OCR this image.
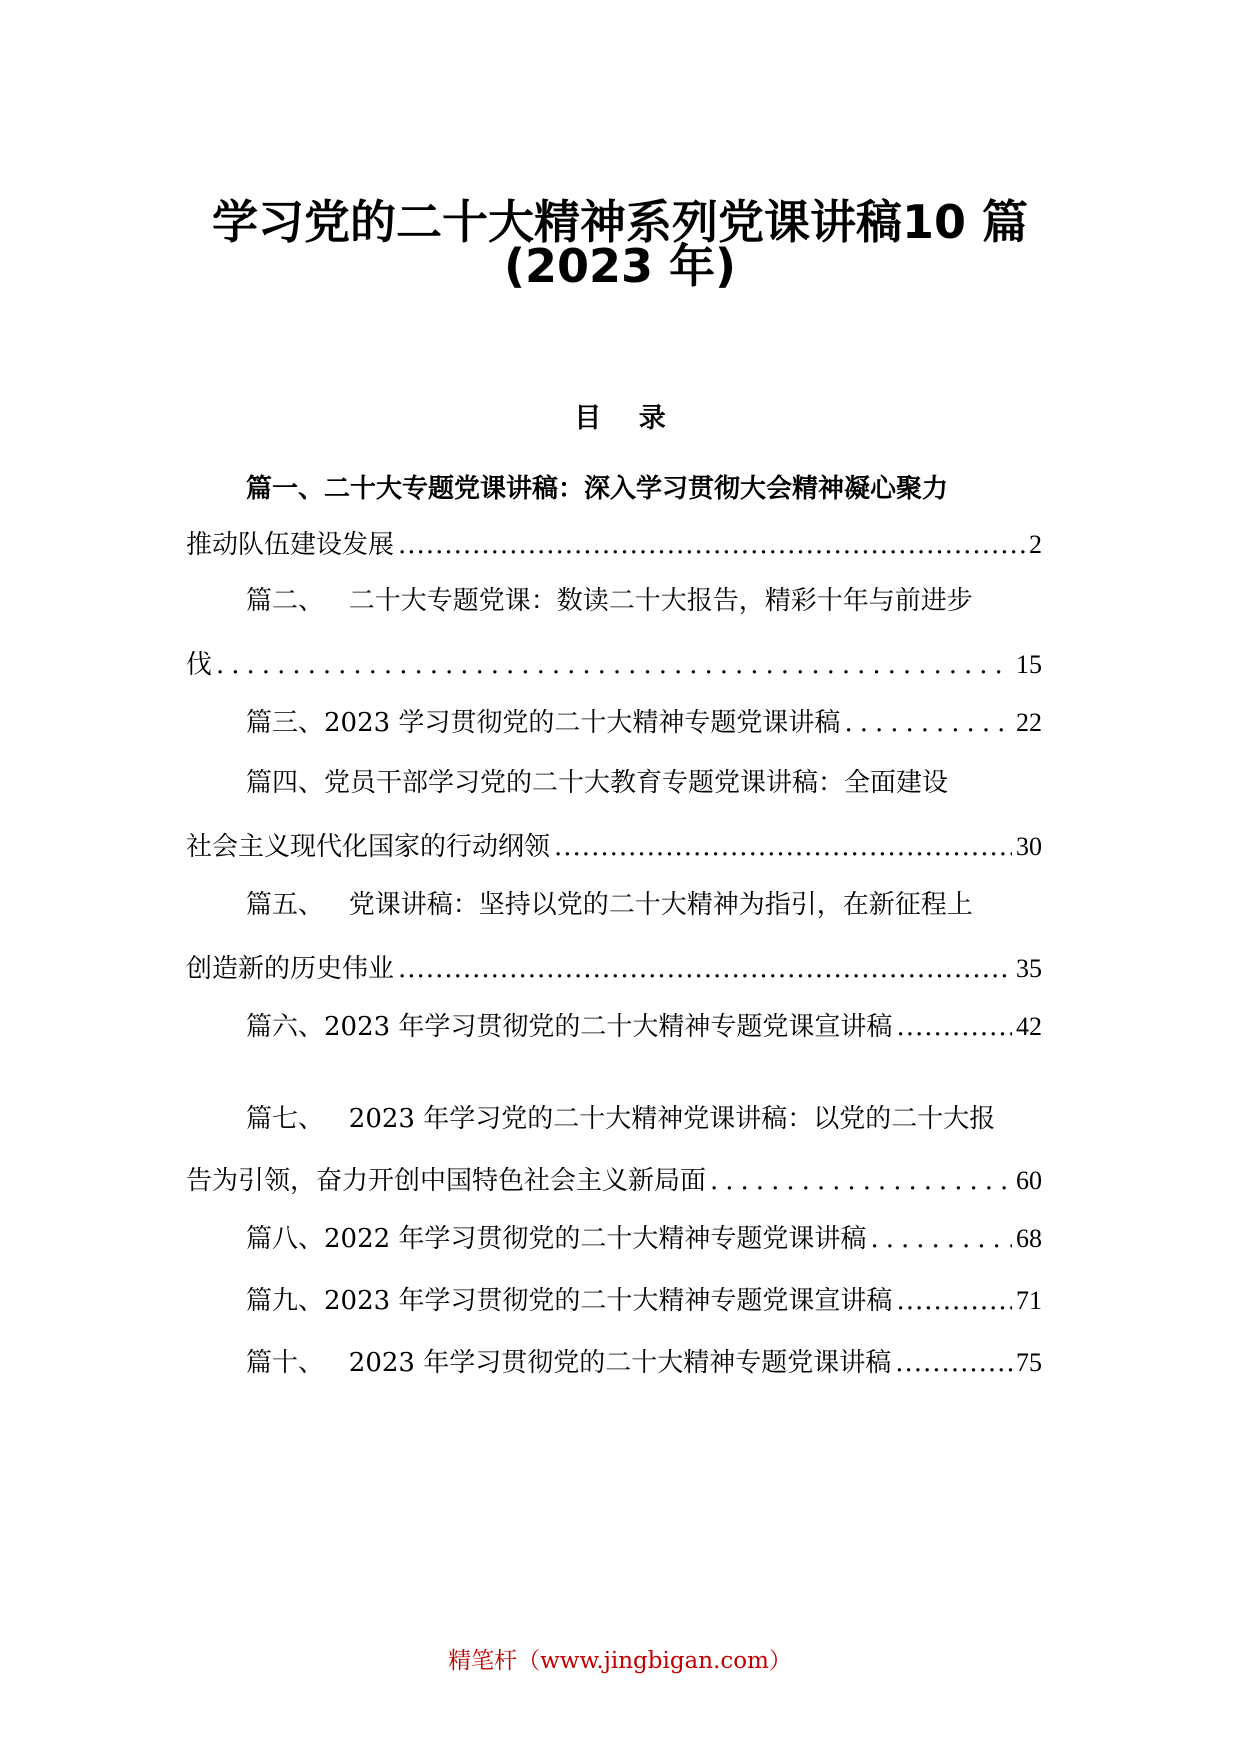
学习党的二十大精神系列党课讲稿10 篇
(2023 年)
目    录
篇一、二十大专题党课讲稿：深入学习贯彻大会精神凝心聚力
推动队伍建设发展 .....	2
篇二、   二十大专题党课：数读二十大报告，精彩十年与前进步
伐 .....	15
篇三、2023 学习贯彻党的二十大精神专题党课讲稿 .....	22
篇四、党员干部学习党的二十大教育专题党课讲稿：全面建设
社会主义现代化国家的行动纲领 .....	30
篇五、   党课讲稿：坚持以党的二十大精神为指引，在新征程上
创造新的历史伟业 .....	35
篇六、2023 年学习贯彻党的二十大精神专题党课宣讲稿 .....	42
篇七、   2023 年学习党的二十大精神党课讲稿：以党的二十大报
告为引领，奋力开创中国特色社会主义新局面 .....	60
篇八、2022 年学习贯彻党的二十大精神专题党课讲稿 .....	68
篇九、2023 年学习贯彻党的二十大精神专题党课宣讲稿 .....	71
篇十、   2023 年学习贯彻党的二十大精神专题党课讲稿 .....	75
精笔杆（www.jingbigan.com）
